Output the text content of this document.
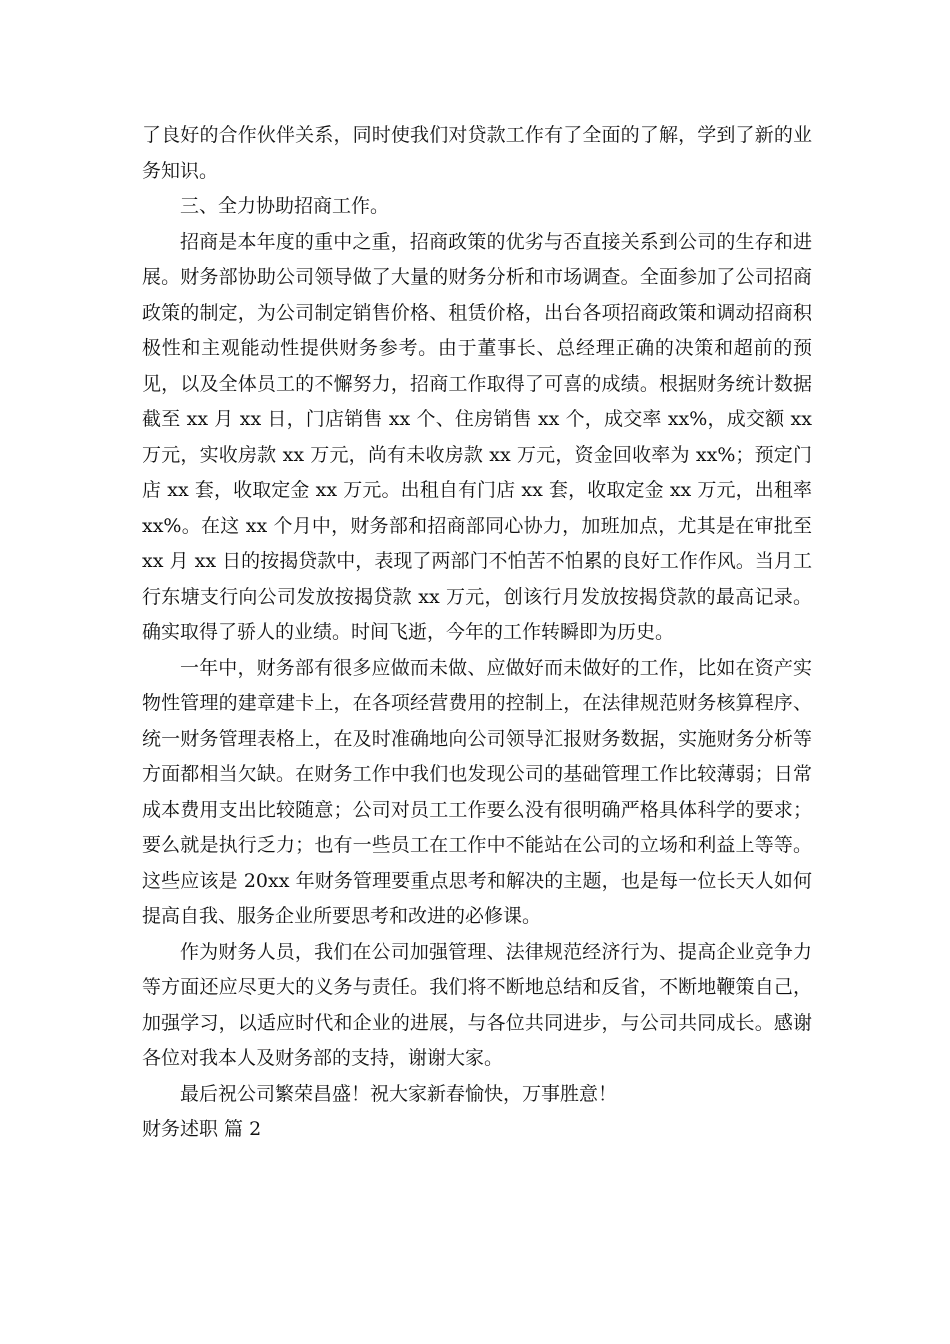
了良好的合作伙伴关系，同时使我们对贷款工作有了全面的了解，学到了新的业务知识。

三、全力协助招商工作。

招商是本年度的重中之重，招商政策的优劣与否直接关系到公司的生存和进展。财务部协助公司领导做了大量的财务分析和市场调查。全面参加了公司招商政策的制定，为公司制定销售价格、租赁价格，出台各项招商政策和调动招商积极性和主观能动性提供财务参考。由于董事长、总经理正确的决策和超前的预见，以及全体员工的不懈努力，招商工作取得了可喜的成绩。根据财务统计数据截至 xx 月 xx 日，门店销售 xx 个、住房销售 xx 个，成交率 xx%，成交额 xx 万元，实收房款 xx 万元，尚有未收房款 xx 万元，资金回收率为 xx%；预定门店 xx 套，收取定金 xx 万元。出租自有门店 xx 套，收取定金 xx 万元，出租率 xx%。在这 xx 个月中，财务部和招商部同心协力，加班加点，尤其是在审批至 xx 月 xx 日的按揭贷款中，表现了两部门不怕苦不怕累的良好工作作风。当月工行东塘支行向公司发放按揭贷款 xx 万元，创该行月发放按揭贷款的最高记录。确实取得了骄人的业绩。时间飞逝，今年的工作转瞬即为历史。

一年中，财务部有很多应做而未做、应做好而未做好的工作，比如在资产实物性管理的建章建卡上，在各项经营费用的控制上，在法律规范财务核算程序、统一财务管理表格上，在及时准确地向公司领导汇报财务数据，实施财务分析等方面都相当欠缺。在财务工作中我们也发现公司的基础管理工作比较薄弱；日常成本费用支出比较随意；公司对员工工作要么没有很明确严格具体科学的要求；要么就是执行乏力；也有一些员工在工作中不能站在公司的立场和利益上等等。这些应该是 20xx 年财务管理要重点思考和解决的主题，也是每一位长天人如何提高自我、服务企业所要思考和改进的必修课。

作为财务人员，我们在公司加强管理、法律规范经济行为、提高企业竞争力等方面还应尽更大的义务与责任。我们将不断地总结和反省，不断地鞭策自己，加强学习，以适应时代和企业的进展，与各位共同进步，与公司共同成长。感谢各位对我本人及财务部的支持，谢谢大家。

最后祝公司繁荣昌盛！祝大家新春愉快，万事胜意！

财务述职 篇 2
